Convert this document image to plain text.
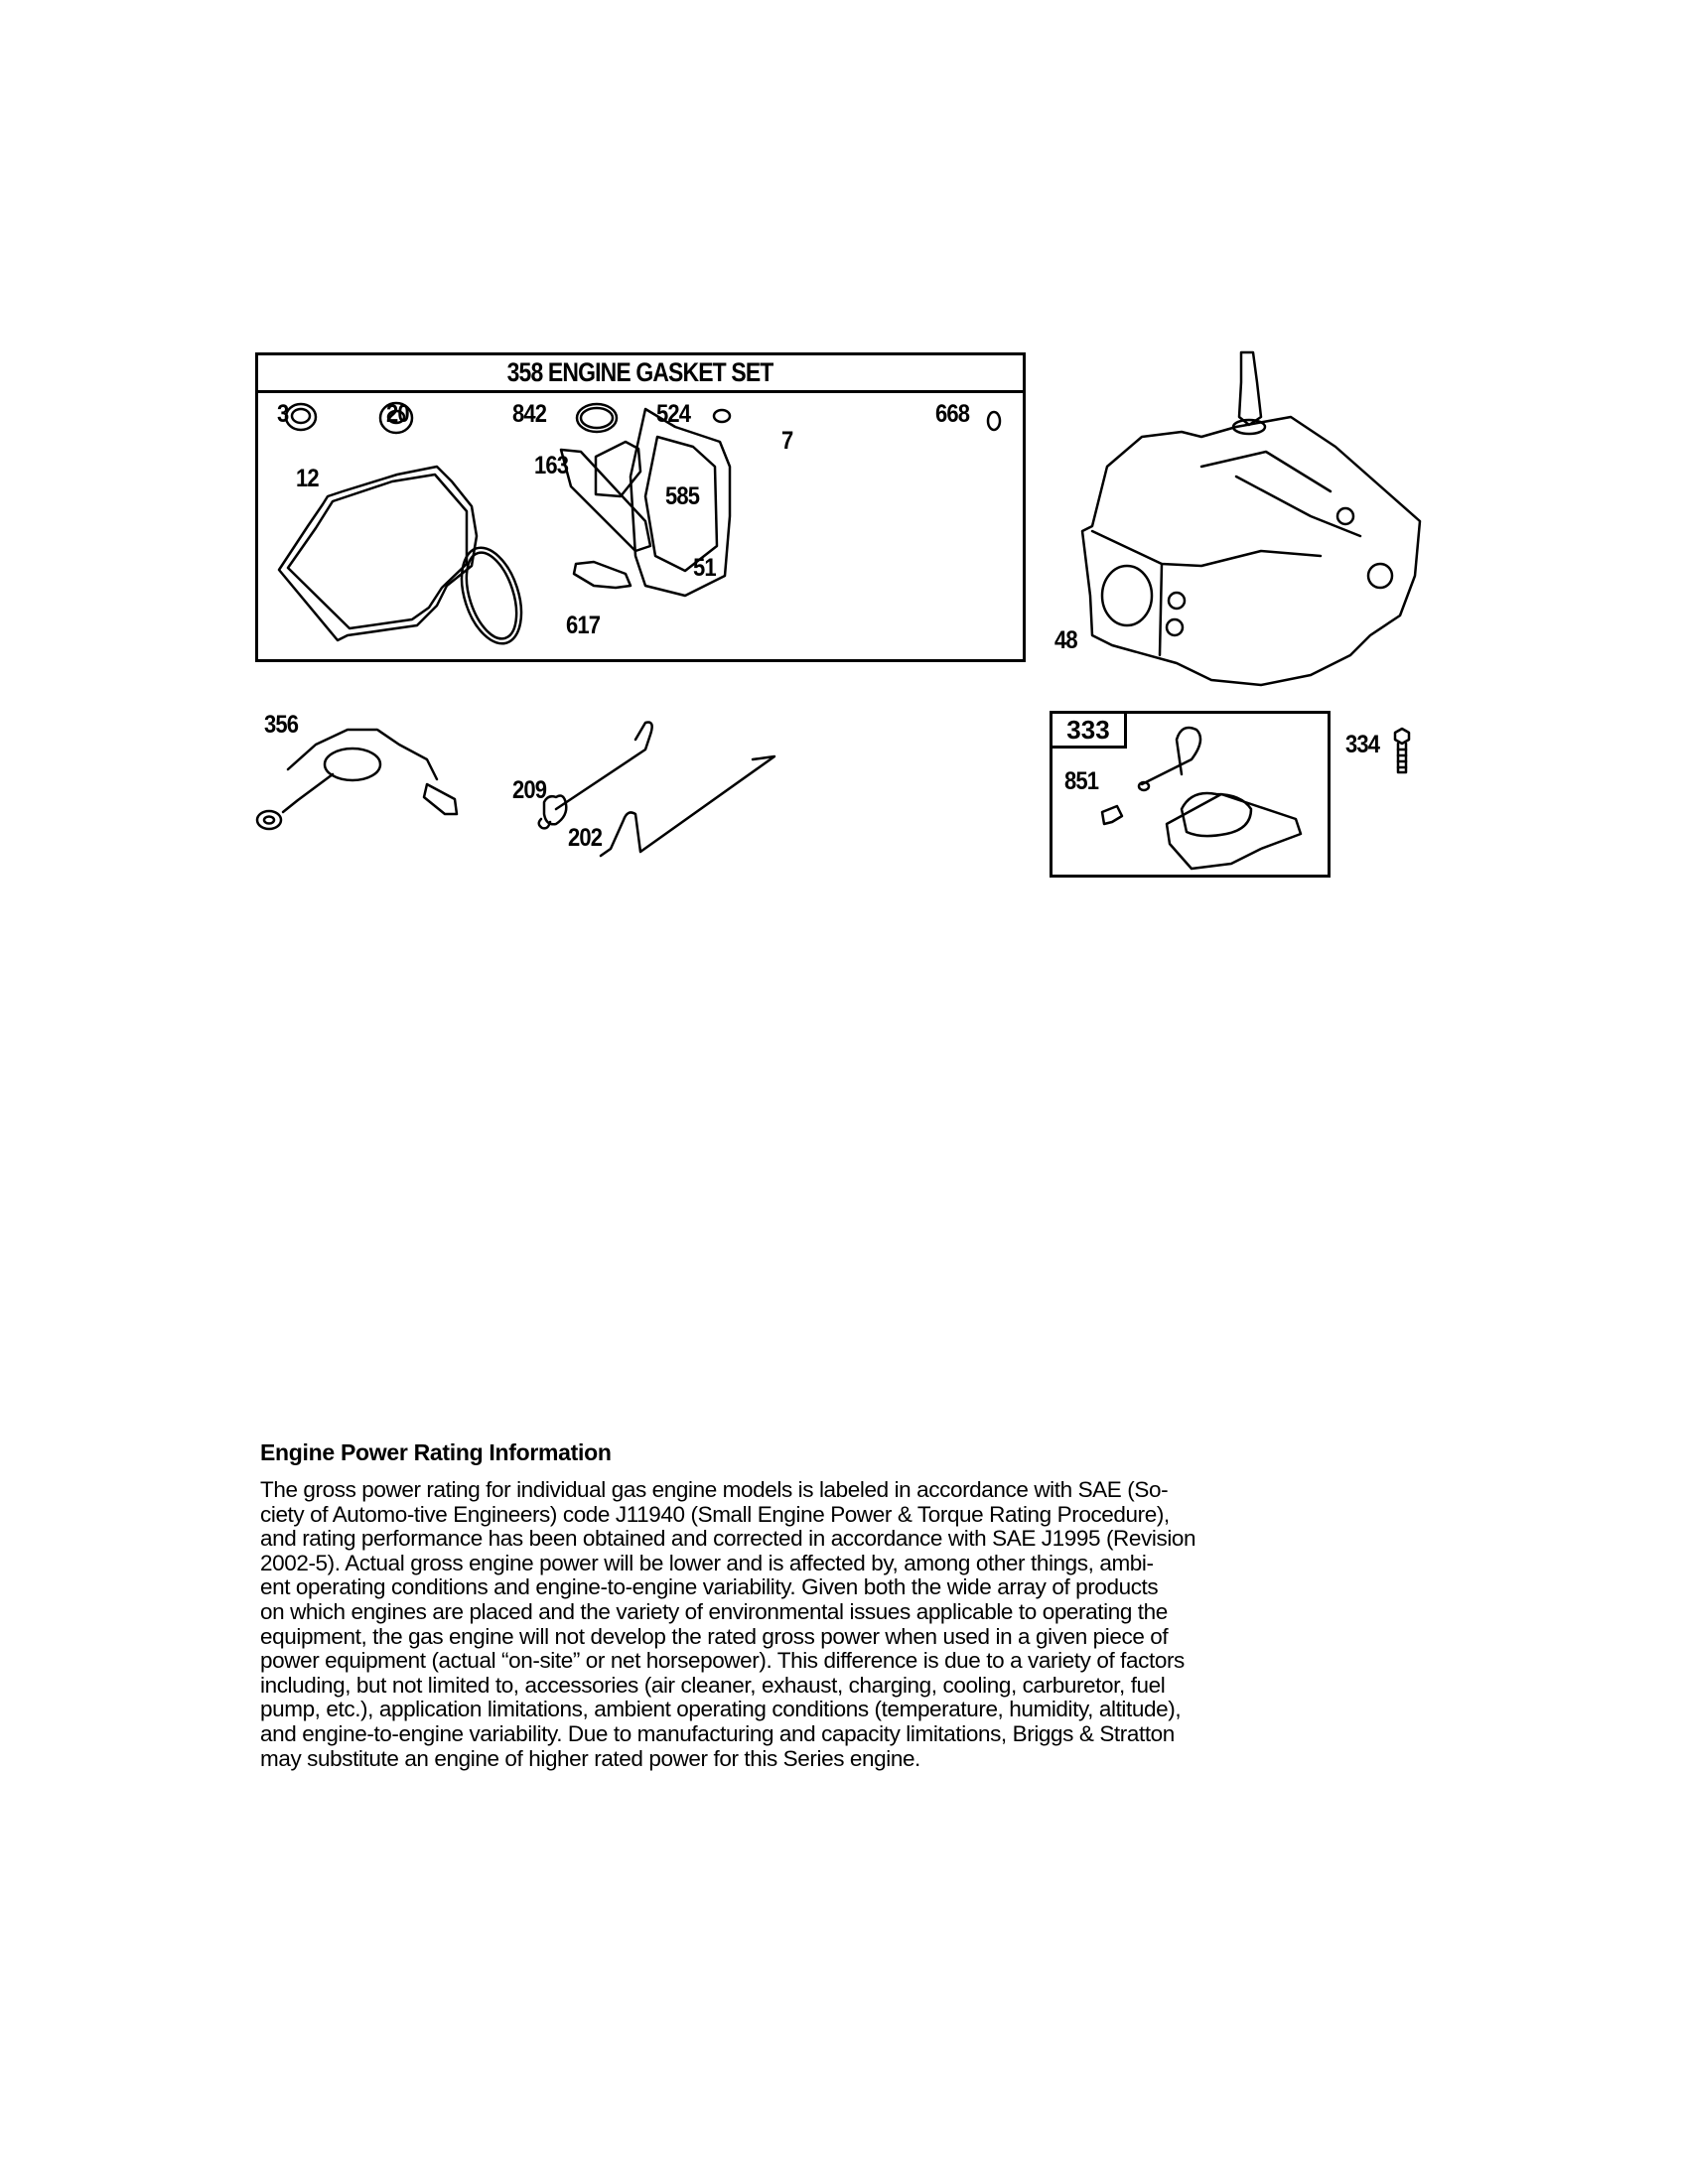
358 ENGINE GASKET SET
3	20	842	524	668
12	163
585
7
51
617
48
356
209
202
333
851
334
Engine Power Rating Information
The gross power rating for individual gas engine models is labeled in accordance with SAE (So-
ciety of Automo-tive Engineers) code J11940 (Small Engine Power & Torque Rating Procedure),
and rating performance has been obtained and corrected in accordance with SAE J1995 (Revision
2002-5). Actual gross engine power will be lower and is affected by, among other things, ambi-
ent operating conditions and engine-to-engine variability. Given both the wide array of products
on which engines are placed and the variety of environmental issues applicable to operating the
equipment, the gas engine will not develop the rated gross power when used in a given piece of
power equipment (actual “on-site” or net horsepower). This difference is due to a variety of factors
including, but not limited to, accessories (air cleaner, exhaust, charging, cooling, carburetor, fuel
pump, etc.), application limitations, ambient operating conditions (temperature, humidity, altitude),
and engine-to-engine variability. Due to manufacturing and capacity limitations, Briggs & Stratton
may substitute an engine of higher rated power for this Series engine.
